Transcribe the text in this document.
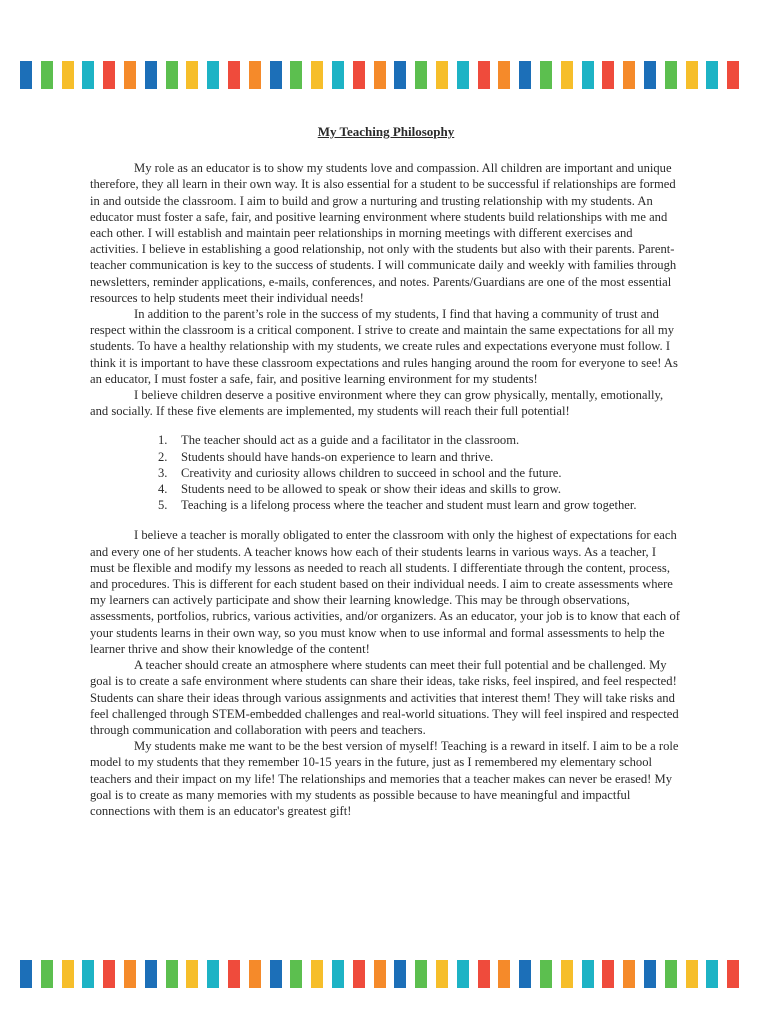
My Teaching Philosophy

My role as an educator is to show my students love and compassion. All children are important and unique therefore, they all learn in their own way. It is also essential for a student to be successful if relationships are formed in and outside the classroom. I aim to build and grow a nurturing and trusting relationship with my students. An educator must foster a safe, fair, and positive learning environment where students build relationships with me and each other. I will establish and maintain peer relationships in morning meetings with different exercises and activities. I believe in establishing a good relationship, not only with the students but also with their parents. Parent-teacher communication is key to the success of students. I will communicate daily and weekly with families through newsletters, reminder applications, e-mails, conferences, and notes. Parents/Guardians are one of the most essential resources to help students meet their individual needs!

In addition to the parent’s role in the success of my students, I find that having a community of trust and respect within the classroom is a critical component. I strive to create and maintain the same expectations for all my students. To have a healthy relationship with my students, we create rules and expectations everyone must follow. I think it is important to have these classroom expectations and rules hanging around the room for everyone to see! As an educator, I must foster a safe, fair, and positive learning environment for my students!

I believe children deserve a positive environment where they can grow physically, mentally, emotionally, and socially. If these five elements are implemented, my students will reach their full potential!

1. The teacher should act as a guide and a facilitator in the classroom.
2. Students should have hands-on experience to learn and thrive.
3. Creativity and curiosity allows children to succeed in school and the future.
4. Students need to be allowed to speak or show their ideas and skills to grow.
5. Teaching is a lifelong process where the teacher and student must learn and grow together.

I believe a teacher is morally obligated to enter the classroom with only the highest of expectations for each and every one of her students. A teacher knows how each of their students learns in various ways. As a teacher, I must be flexible and modify my lessons as needed to reach all students. I differentiate through the content, process, and procedures. This is different for each student based on their individual needs. I aim to create assessments where my learners can actively participate and show their learning knowledge. This may be through observations, assessments, portfolios, rubrics, various activities, and/or organizers. As an educator, your job is to know that each of your students learns in their own way, so you must know when to use informal and formal assessments to help the learner thrive and show their knowledge of the content!

A teacher should create an atmosphere where students can meet their full potential and be challenged. My goal is to create a safe environment where students can share their ideas, take risks, feel inspired, and feel respected! Students can share their ideas through various assignments and activities that interest them! They will take risks and feel challenged through STEM-embedded challenges and real-world situations. They will feel inspired and respected through communication and collaboration with peers and teachers.

My students make me want to be the best version of myself! Teaching is a reward in itself. I aim to be a role model to my students that they remember 10-15 years in the future, just as I remembered my elementary school teachers and their impact on my life! The relationships and memories that a teacher makes can never be erased! My goal is to create as many memories with my students as possible because to have meaningful and impactful connections with them is an educator's greatest gift!
